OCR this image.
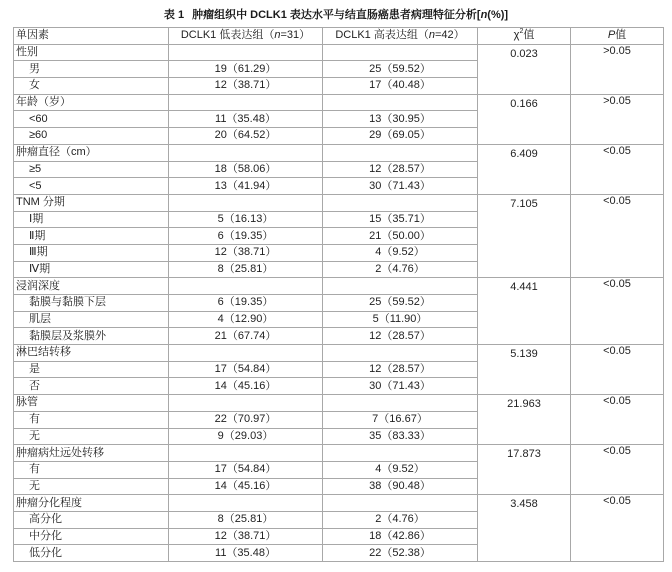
表 1 肿瘤组织中 DCLK1 表达水平与结直肠癌患者病理特征分析[n(%)]
单因素	DCLK1 低表达组（n=31）	DCLK1 高表达组（n=42）	$\chi^2$值	P值
性别			0.023	>0.05
男	19（61.29）	25（59.52）		
女	12（38.71）	17（40.48）		
年龄（岁）			0.166	>0.05
<60	11（35.48）	13（30.95）		
≥60	20（64.52）	29（69.05）		
肿瘤直径（cm）			6.409	<0.05
≥5	18（58.06）	12（28.57）		
<5	13（41.94）	30（71.43）		
TNM 分期			7.105	<0.05
Ⅰ期	5（16.13）	15（35.71）		
Ⅱ期	6（19.35）	21（50.00）		
Ⅲ期	12（38.71）	4（9.52）		
Ⅳ期	8（25.81）	2（4.76）		
浸润深度			4.441	<0.05
黏膜与黏膜下层	6（19.35）	25（59.52）		
肌层	4（12.90）	5（11.90）		
黏膜层及浆膜外	21（67.74）	12（28.57）		
淋巴结转移			5.139	<0.05
是	17（54.84）	12（28.57）		
否	14（45.16）	30（71.43）		
脉管			21.963	<0.05
有	22（70.97）	7（16.67）		
无	9（29.03）	35（83.33）		
肿瘤病灶远处转移			17.873	<0.05
有	17（54.84）	4（9.52）		
无	14（45.16）	38（90.48）		
肿瘤分化程度			3.458	<0.05
高分化	8（25.81）	2（4.76）		
中分化	12（38.71）	18（42.86）		
低分化	11（35.48）	22（52.38）		
